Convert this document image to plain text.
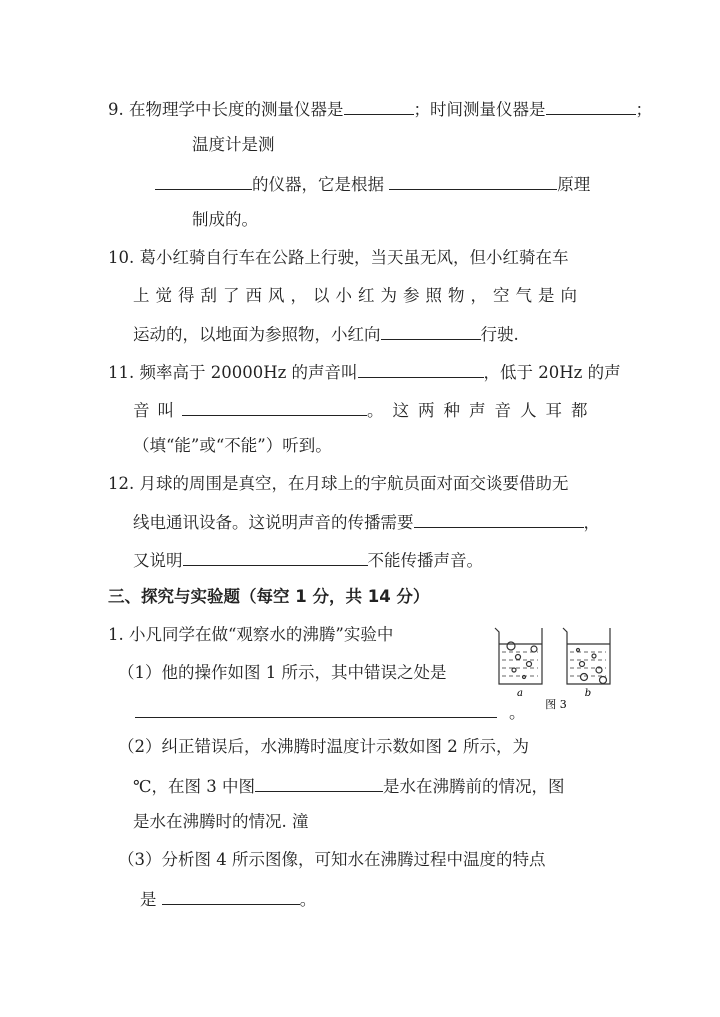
9. 在物理学中长度的测量仪器是	；时间测量仪器是	；
温度计是测
的仪器，它是根据	原理
制成的。
10. 葛小红骑自行车在公路上行驶，当天虽无风，但小红骑在车
上觉得刮了西风，以小红为参照物，空气是向
运动的，以地面为参照物，小红向	行驶.
11. 频率高于 20000Hz 的声音叫	，低于 20Hz 的声
音叫	。这两种声音人耳都
（填“能”或“不能”）听到。
12. 月球的周围是真空，在月球上的宇航员面对面交谈要借助无
线电通讯设备。这说明声音的传播需要	，
又说明	不能传播声音。
三、探究与实验题（每空 1 分，共 14 分）
1. 小凡同学在做“观察水的沸腾”实验中
（1）他的操作如图 1 所示，其中错误之处是
。
（2）纠正错误后，水沸腾时温度计示数如图 2 所示，为
℃，在图 3 中图	是水在沸腾前的情况，图
是水在沸腾时的情况. 潼
（3）分析图 4 所示图像，可知水在沸腾过程中温度的特点
是	。
a	b
图 3
